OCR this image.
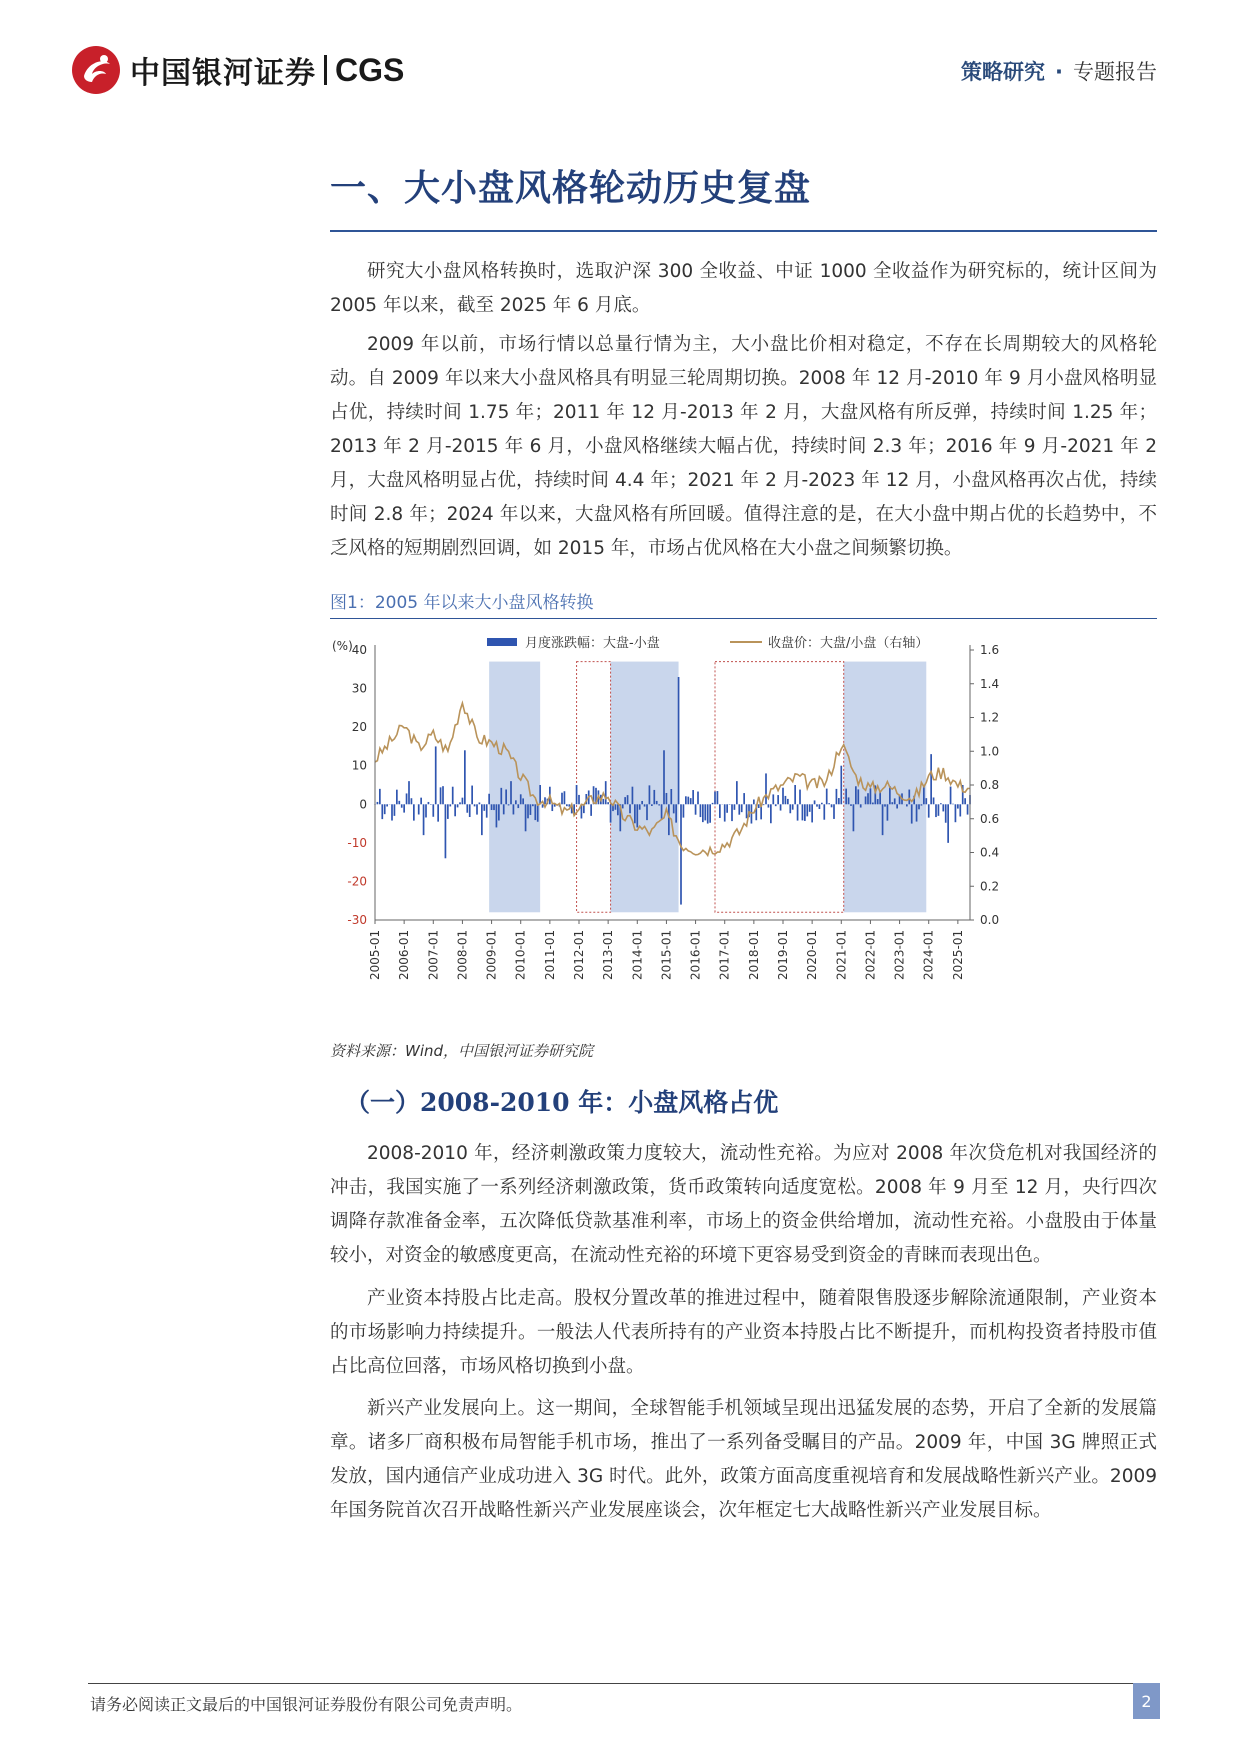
中国银河证券 CGS	策略研究 · 专题报告
一、大小盘风格轮动历史复盘

研究大小盘风格转换时，选取沪深 300 全收益、中证 1000 全收益作为研究标的，统计区间为 2005 年以来，截至 2025 年 6 月底。

2009 年以前，市场行情以总量行情为主，大小盘比价相对稳定，不存在长周期较大的风格轮动。自 2009 年以来大小盘风格具有明显三轮周期切换。2008 年 12 月-2010 年 9 月小盘风格明显占优，持续时间 1.75 年；2011 年 12 月-2013 年 2 月，大盘风格有所反弹，持续时间 1.25 年；2013 年 2 月-2015 年 6 月，小盘风格继续大幅占优，持续时间 2.3 年；2016 年 9 月-2021 年 2 月，大盘风格明显占优，持续时间 4.4 年；2021 年 2 月-2023 年 12 月，小盘风格再次占优，持续时间 2.8 年；2024 年以来，大盘风格有所回暖。值得注意的是，在大小盘中期占优的长趋势中，不乏风格的短期剧烈回调，如 2015 年，市场占优风格在大小盘之间频繁切换。

图1：2005 年以来大小盘风格转换
40
30
20
10
0
-10
-20
-30
1.6
1.4
1.2
1.0
0.8
0.6
0.4
0.2
0.0
2005-01 2006-01 2007-01 2008-01 2009-01 2010-01 2011-01 2012-01 2013-01 2014-01 2015-01 2016-01 2017-01 2018-01 2019-01 2020-01 2021-01 2022-01 2023-01 2024-01 2025-01
月度涨跌幅：大盘-小盘	收盘价：大盘/小盘（右轴）
(%)
资料来源：Wind，中国银河证券研究院
（一）2008-2010 年：小盘风格占优

2008-2010 年，经济刺激政策力度较大，流动性充裕。为应对 2008 年次贷危机对我国经济的冲击，我国实施了一系列经济刺激政策，货币政策转向适度宽松。2008 年 9 月至 12 月，央行四次调降存款准备金率，五次降低贷款基准利率，市场上的资金供给增加，流动性充裕。小盘股由于体量较小，对资金的敏感度更高，在流动性充裕的环境下更容易受到资金的青睐而表现出色。

产业资本持股占比走高。股权分置改革的推进过程中，随着限售股逐步解除流通限制，产业资本的市场影响力持续提升。一般法人代表所持有的产业资本持股占比不断提升，而机构投资者持股市值占比高位回落，市场风格切换到小盘。

新兴产业发展向上。这一期间，全球智能手机领域呈现出迅猛发展的态势，开启了全新的发展篇章。诸多厂商积极布局智能手机市场，推出了一系列备受瞩目的产品。2009 年，中国 3G 牌照正式发放，国内通信产业成功进入 3G 时代。此外，政策方面高度重视培育和发展战略性新兴产业。2009 年国务院首次召开战略性新兴产业发展座谈会，次年框定七大战略性新兴产业发展目标。

请务必阅读正文最后的中国银河证券股份有限公司免责声明。	2
